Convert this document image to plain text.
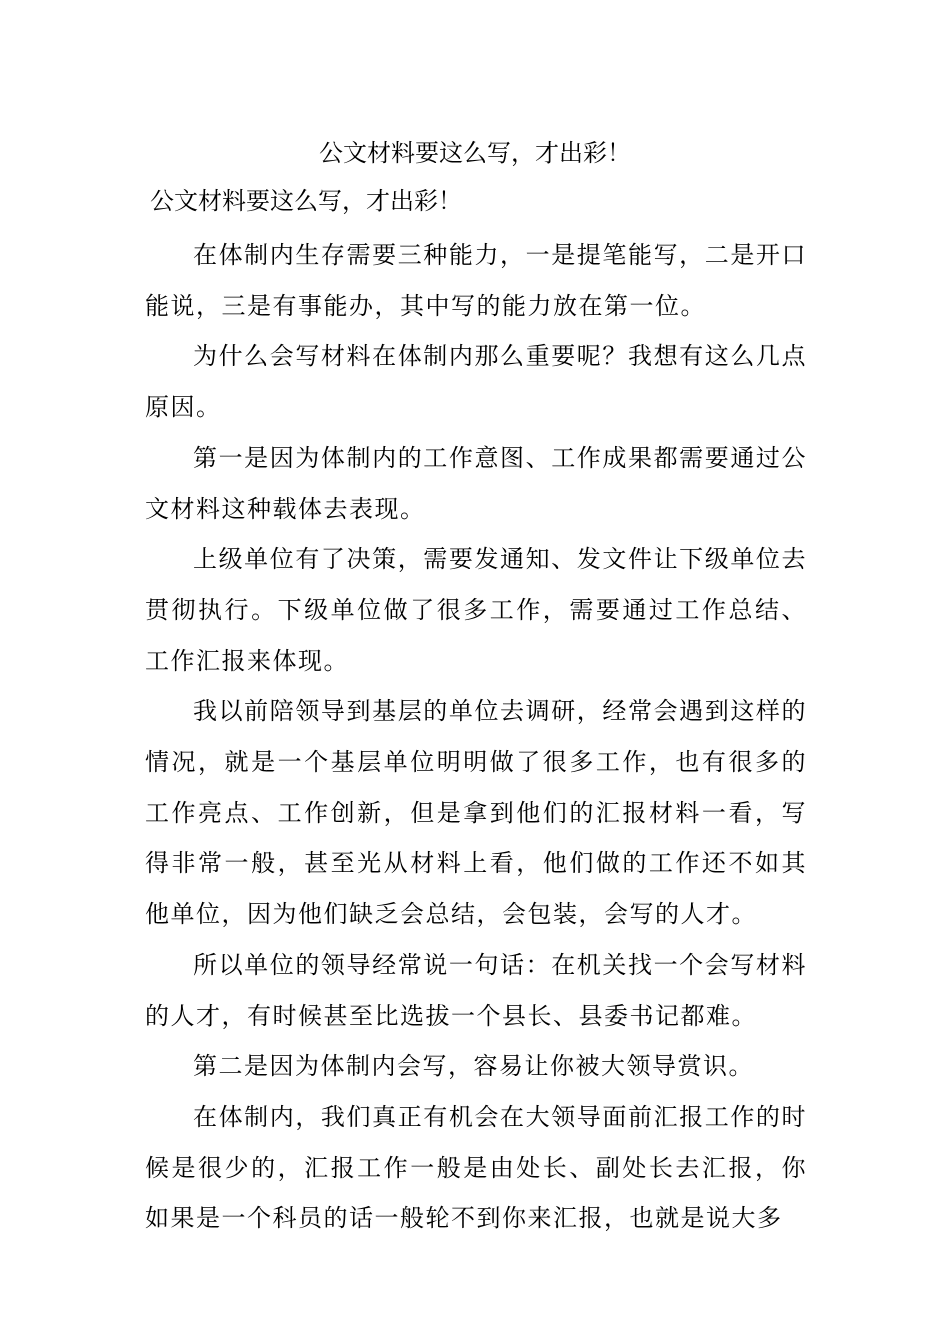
公文材料要这么写，才出彩！

公文材料要这么写，才出彩！

在体制内生存需要三种能力，一是提笔能写，二是开口能说，三是有事能办，其中写的能力放在第一位。

为什么会写材料在体制内那么重要呢？我想有这么几点原因。

第一是因为体制内的工作意图、工作成果都需要通过公文材料这种载体去表现。

上级单位有了决策，需要发通知、发文件让下级单位去贯彻执行。下级单位做了很多工作，需要通过工作总结、工作汇报来体现。

我以前陪领导到基层的单位去调研，经常会遇到这样的情况，就是一个基层单位明明做了很多工作，也有很多的工作亮点、工作创新，但是拿到他们的汇报材料一看，写得非常一般，甚至光从材料上看，他们做的工作还不如其他单位，因为他们缺乏会总结，会包装，会写的人才。

所以单位的领导经常说一句话：在机关找一个会写材料的人才，有时候甚至比选拔一个县长、县委书记都难。

第二是因为体制内会写，容易让你被大领导赏识。

在体制内，我们真正有机会在大领导面前汇报工作的时候是很少的，汇报工作一般是由处长、副处长去汇报，你如果是一个科员的话一般轮不到你来汇报，也就是说大多
